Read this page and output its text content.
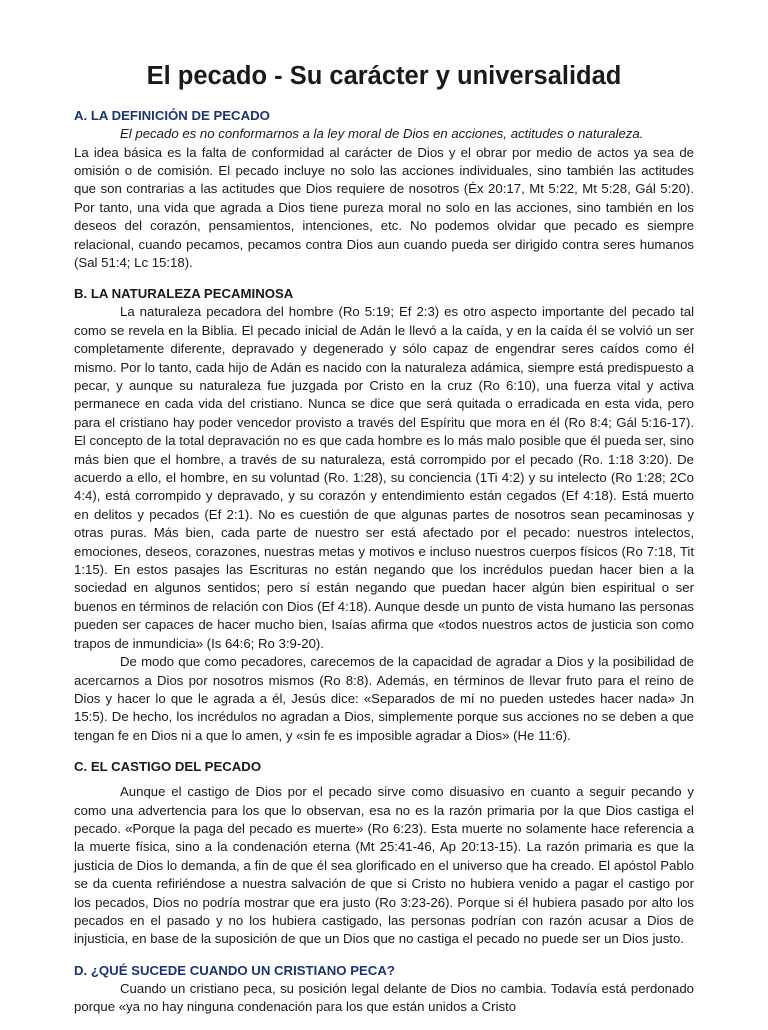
El pecado - Su carácter y universalidad
A. LA DEFINICIÓN DE PECADO

El pecado es no conformarnos a la ley moral de Dios en acciones, actitudes o naturaleza.

La idea básica es la falta de conformidad al carácter de Dios y el obrar por medio de actos ya sea de omisión o de comisión. El pecado incluye no solo las acciones individuales, sino también las actitudes que son contrarias a las actitudes que Dios requiere de nosotros (Éx 20:17, Mt 5:22, Mt 5:28, Gál 5:20). Por tanto, una vida que agrada a Dios tiene pureza moral no solo en las acciones, sino también en los deseos del corazón, pensamientos, intenciones, etc. No podemos olvidar que pecado es siempre relacional, cuando pecamos, pecamos contra Dios aun cuando pueda ser dirigido contra seres humanos (Sal 51:4; Lc 15:18).

B. LA NATURALEZA PECAMINOSA

La naturaleza pecadora del hombre (Ro 5:19; Ef 2:3) es otro aspecto importante del pecado tal como se revela en la Biblia. El pecado inicial de Adán le llevó a la caída, y en la caída él se volvió un ser completamente diferente, depravado y degenerado y sólo capaz de engendrar seres caídos como él mismo. Por lo tanto, cada hijo de Adán es nacido con la naturaleza adámica, siempre está predispuesto a pecar, y aunque su naturaleza fue juzgada por Cristo en la cruz (Ro 6:10), una fuerza vital y activa permanece en cada vida del cristiano. Nunca se dice que será quitada o erradicada en esta vida, pero para el cristiano hay poder vencedor provisto a través del Espíritu que mora en él (Ro 8:4; Gál 5:16-17). El concepto de la total depravación no es que cada hombre es lo más malo posible que él pueda ser, sino más bien que el hombre, a través de su naturaleza, está corrompido por el pecado (Ro. 1:18 3:20). De acuerdo a ello, el hombre, en su voluntad (Ro. 1:28), su conciencia (1Ti 4:2) y su intelecto (Ro 1:28; 2Co 4:4), está corrompido y depravado, y su corazón y entendimiento están cegados (Ef 4:18). Está muerto en delitos y pecados (Ef 2:1). No es cuestión de que algunas partes de nosotros sean pecaminosas y otras puras. Más bien, cada parte de nuestro ser está afectado por el pecado: nuestros intelectos, emociones, deseos, corazones, nuestras metas y motivos e incluso nuestros cuerpos físicos (Ro 7:18, Tit 1:15). En estos pasajes las Escrituras no están negando que los incrédulos puedan hacer bien a la sociedad en algunos sentidos; pero sí están negando que puedan hacer algún bien espiritual o ser buenos en términos de relación con Dios (Ef 4:18). Aunque desde un punto de vista humano las personas pueden ser capaces de hacer mucho bien, Isaías afirma que «todos nuestros actos de justicia son como trapos de inmundicia» (Is 64:6; Ro 3:9-20).

De modo que como pecadores, carecemos de la capacidad de agradar a Dios y la posibilidad de acercarnos a Dios por nosotros mismos (Ro 8:8). Además, en términos de llevar fruto para el reino de Dios y hacer lo que le agrada a él, Jesús dice: «Separados de mí no pueden ustedes hacer nada» Jn 15:5). De hecho, los incrédulos no agradan a Dios, simplemente porque sus acciones no se deben a que tengan fe en Dios ni a que lo amen, y «sin fe es imposible agradar a Dios» (He 11:6).

C. EL CASTIGO DEL PECADO

Aunque el castigo de Dios por el pecado sirve como disuasivo en cuanto a seguir pecando y como una advertencia para los que lo observan, esa no es la razón primaria por la que Dios castiga el pecado. «Porque la paga del pecado es muerte» (Ro 6:23). Esta muerte no solamente hace referencia a la muerte física, sino a la condenación eterna (Mt 25:41-46, Ap 20:13-15). La razón primaria es que la justicia de Dios lo demanda, a fin de que él sea glorificado en el universo que ha creado. El apóstol Pablo se da cuenta refiriéndose a nuestra salvación de que si Cristo no hubiera venido a pagar el castigo por los pecados, Dios no podría mostrar que era justo (Ro 3:23-26). Porque si él hubiera pasado por alto los pecados en el pasado y no los hubiera castigado, las personas podrían con razón acusar a Dios de injusticia, en base de la suposición de que un Dios que no castiga el pecado no puede ser un Dios justo.

D. ¿QUÉ SUCEDE CUANDO UN CRISTIANO PECA?

Cuando un cristiano peca, su posición legal delante de Dios no cambia. Todavía está perdonado porque «ya no hay ninguna condenación para los que están unidos a Cristo
